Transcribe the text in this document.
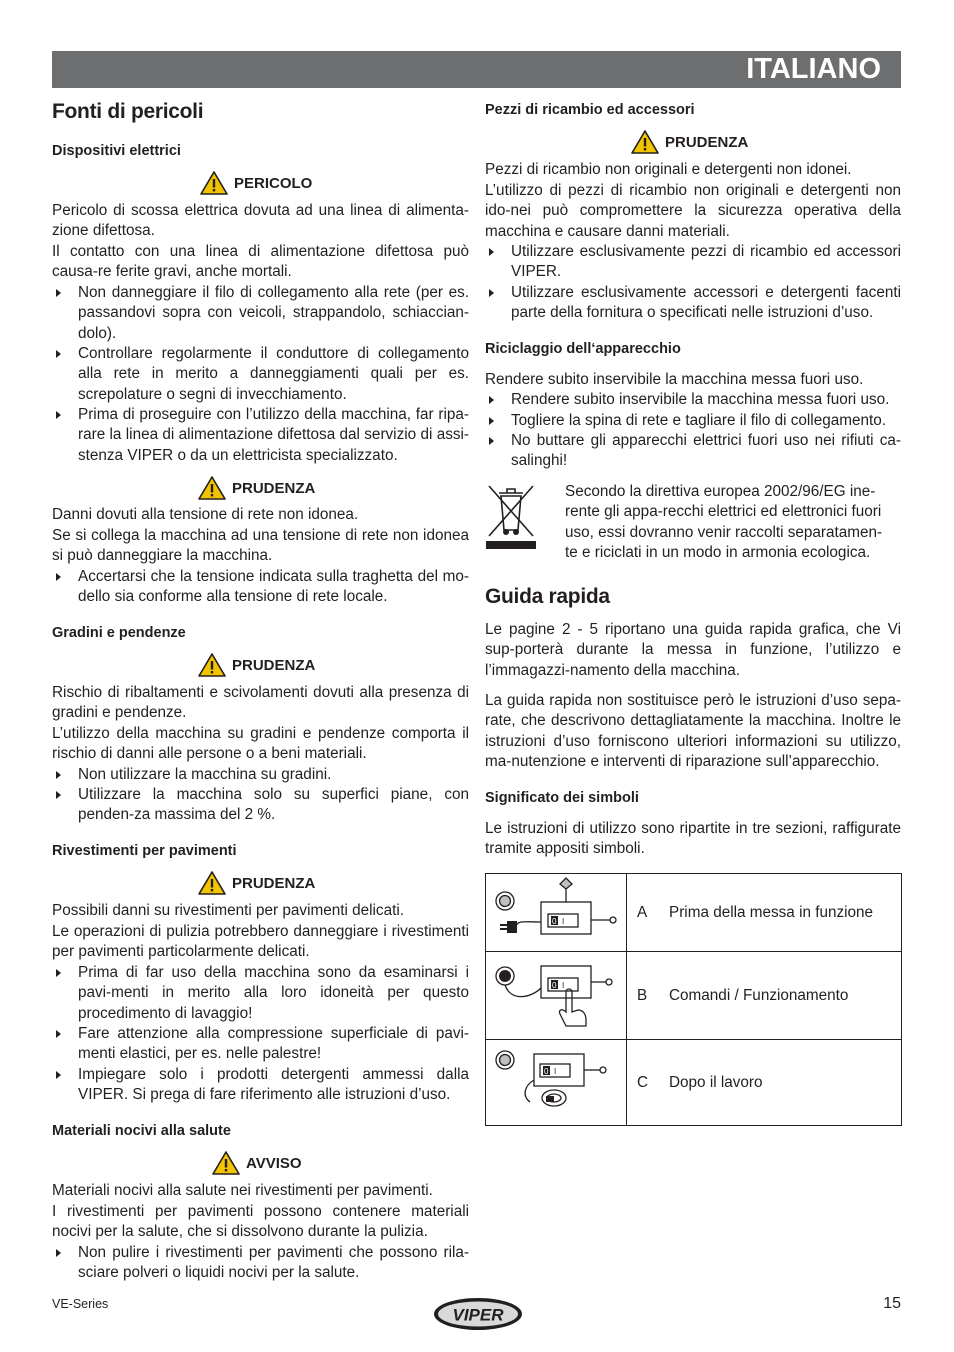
ITALIANO
Fonti di pericoli
Dispositivi elettrici
PERICOLO
Pericolo di scossa elettrica dovuta ad una linea di alimenta-zione difettosa.
Il contatto con una linea di alimentazione difettosa può causa-re ferite gravi, anche mortali.
Non danneggiare il filo di collegamento alla rete (per es. passandovi sopra con veicoli, strappandolo, schiaccian-dolo).
Controllare regolarmente il conduttore di collegamento alla rete in merito a danneggiamenti quali per es. screpolature o segni di invecchiamento.
Prima di proseguire con l’utilizzo della macchina, far ripa-rare la linea di alimentazione difettosa dal servizio di assi-stenza VIPER o da un elettricista specializzato.
PRUDENZA
Danni dovuti alla tensione di rete non idonea.
Se si collega la macchina ad una tensione di rete non idonea si può danneggiare la macchina.
Accertarsi che la tensione indicata sulla traghetta del mo-dello sia conforme alla tensione di rete locale.
Gradini e pendenze
PRUDENZA
Rischio di ribaltamenti e scivolamenti dovuti alla presenza di gradini e pendenze.
L’utilizzo della macchina su gradini e pendenze comporta il rischio di danni alle persone o a beni materiali.
Non utilizzare la macchina su gradini.
Utilizzare la macchina solo su superfici piane, con penden-za massima del 2 %.
Rivestimenti per pavimenti
PRUDENZA
Possibili danni su rivestimenti per pavimenti delicati.
Le operazioni di pulizia potrebbero danneggiare i rivestimenti per pavimenti particolarmente delicati.
Prima di far uso della macchina sono da esaminarsi i pavi-menti in merito alla loro idoneità per questo procedimento di lavaggio!
Fare attenzione alla compressione superficiale di pavi-menti elastici, per es. nelle palestre!
Impiegare solo i prodotti detergenti ammessi dalla VIPER. Si prega di fare riferimento alle istruzioni d’uso.
Materiali nocivi alla salute
AVVISO
Materiali nocivi alla salute nei rivestimenti per pavimenti.
I rivestimenti per pavimenti possono contenere materiali nocivi per la salute, che si dissolvono durante la pulizia.
Non pulire i rivestimenti per pavimenti che possono rila-sciare polveri o liquidi nocivi per la salute.
Pezzi di ricambio ed accessori
PRUDENZA
Pezzi di ricambio non originali e detergenti non idonei.
L’utilizzo di pezzi di ricambio non originali e detergenti non ido-nei può compromettere la sicurezza operativa della macchina e causare danni materiali.
Utilizzare esclusivamente pezzi di ricambio ed accessori VIPER.
Utilizzare esclusivamente accessori e detergenti facenti parte della fornitura o specificati nelle istruzioni d’uso.
Riciclaggio dell‘apparecchio
Rendere subito inservibile la macchina messa fuori uso.
Rendere subito inservibile la macchina messa fuori uso.
Togliere la spina di rete e tagliare il filo di collegamento.
No buttare gli apparecchi elettrici fuori uso nei rifiuti ca-salinghi!
Secondo la direttiva europea 2002/96/EG ine-rente gli appa-recchi elettrici ed elettronici fuori uso, essi dovranno venir raccolti separatamen-te e riciclati in un modo in armonia ecologica.
Guida rapida
Le pagine 2 - 5 riportano una guida rapida grafica, che Vi sup-porterà durante la messa in funzione, l’utilizzo e l’immagazzi-namento della macchina.
La guida rapida non sostituisce però le istruzioni d’uso sepa-rate, che descrivono dettagliatamente la macchina. Inoltre le istruzioni d’uso forniscono ulteriori informazioni su utilizzo, ma-nutenzione e interventi di riparazione sull’apparecchio.
Significato dei simboli
Le istruzioni di utilizzo sono ripartite in tre sezioni, raffigurate tramite appositi simboli.
0 I	A Prima della messa in funzione

0 I	B Comandi / Funzionamento

0 I	C Dopo il lavoro
VE-Series
VIPER
15
